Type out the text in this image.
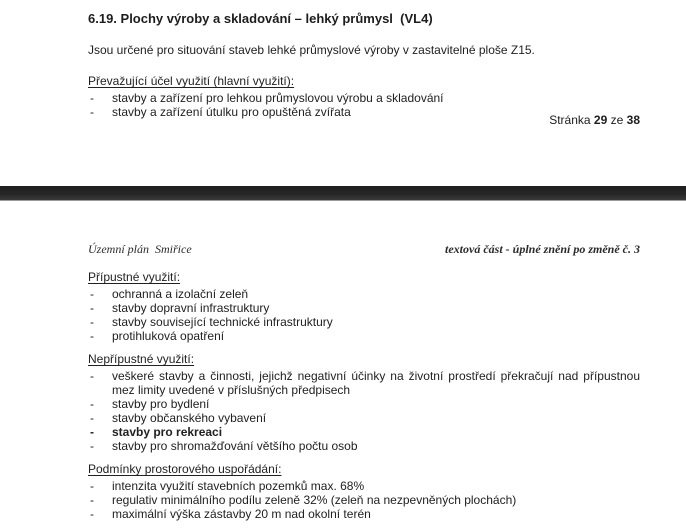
6.19. Plochy výroby a skladování – lehký průmysl  (VL4)

Jsou určené pro situování staveb lehké průmyslové výroby v zastavitelné ploše Z15.

Převažující účel využití (hlavní využití):
- stavby a zařízení pro lehkou průmyslovou výrobu a skladování
- stavby a zařízení útulku pro opuštěná zvířata
Stránka 29 ze 38
Územní plán  Smiřice	textová část - úplné znění po změně č. 3
Přípustné využití:
- ochranná a izolační zeleň
- stavby dopravní infrastruktury
- stavby související technické infrastruktury
- protihluková opatření
Nepřípustné využití:
- veškeré stavby a činnosti, jejichž negativní účinky na životní prostředí překračují nad přípustnou mez limity uvedené v příslušných předpisech
- stavby pro bydlení
- stavby občanského vybavení
- stavby pro rekreaci
- stavby pro shromažďování většího počtu osob
Podmínky prostorového uspořádání:
- intenzita využití stavebních pozemků max. 68%
- regulativ minimálního podílu zeleně 32% (zeleň na nezpevněných plochách)
- maximální výška zástavby 20 m nad okolní terén
